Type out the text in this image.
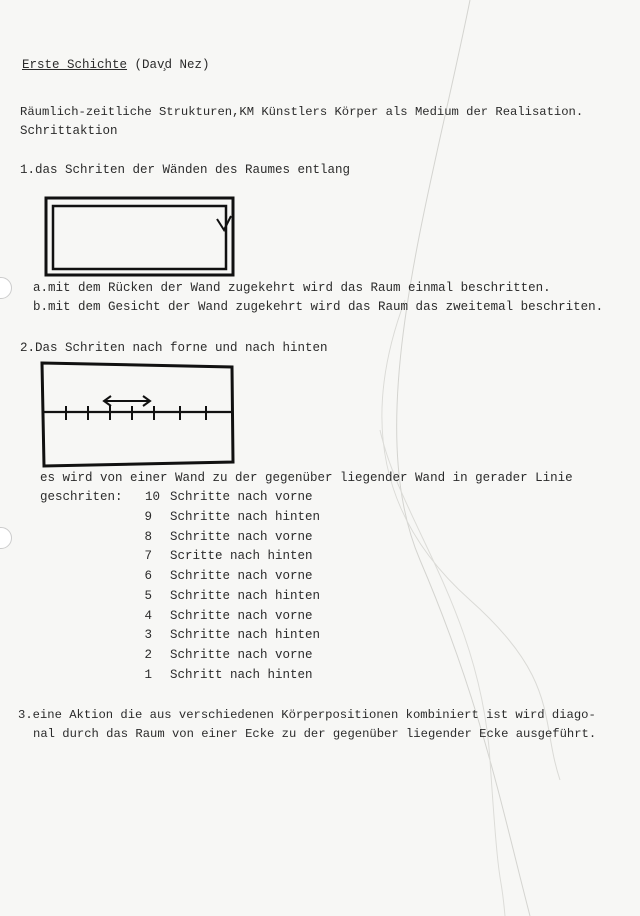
Erste Schichte (Dav̧d Nez)
Räumlich-zeitliche Strukturen,KM Künstlers Körper als Medium der Realisation.
Schrittaktion
1.das Schriten der Wänden des Raumes entlang
a.mit dem Rücken der Wand zugekehrt wird das Raum einmal beschritten.
b.mit dem Gesicht der Wand zugekehrt wird das Raum das zweitemal beschriten.
2.Das Schriten nach forne und nach hinten
es wird von einer Wand zu der gegenüber liegender Wand in gerader Linie
geschriten: 10 Schritte nach vorne
9 Schritte nach hinten
8 Schritte nach vorne
7 Scritte nach hinten
6 Schritte nach vorne
5 Schritte nach hinten
4 Schritte nach vorne
3 Schritte nach hinten
2 Schritte nach vorne
1 Schritt nach hinten
3.eine Aktion die aus verschiedenen Körperpositionen kombiniert ist wird diago-
nal durch das Raum von einer Ecke zu der gegenüber liegender Ecke ausgeführt.
